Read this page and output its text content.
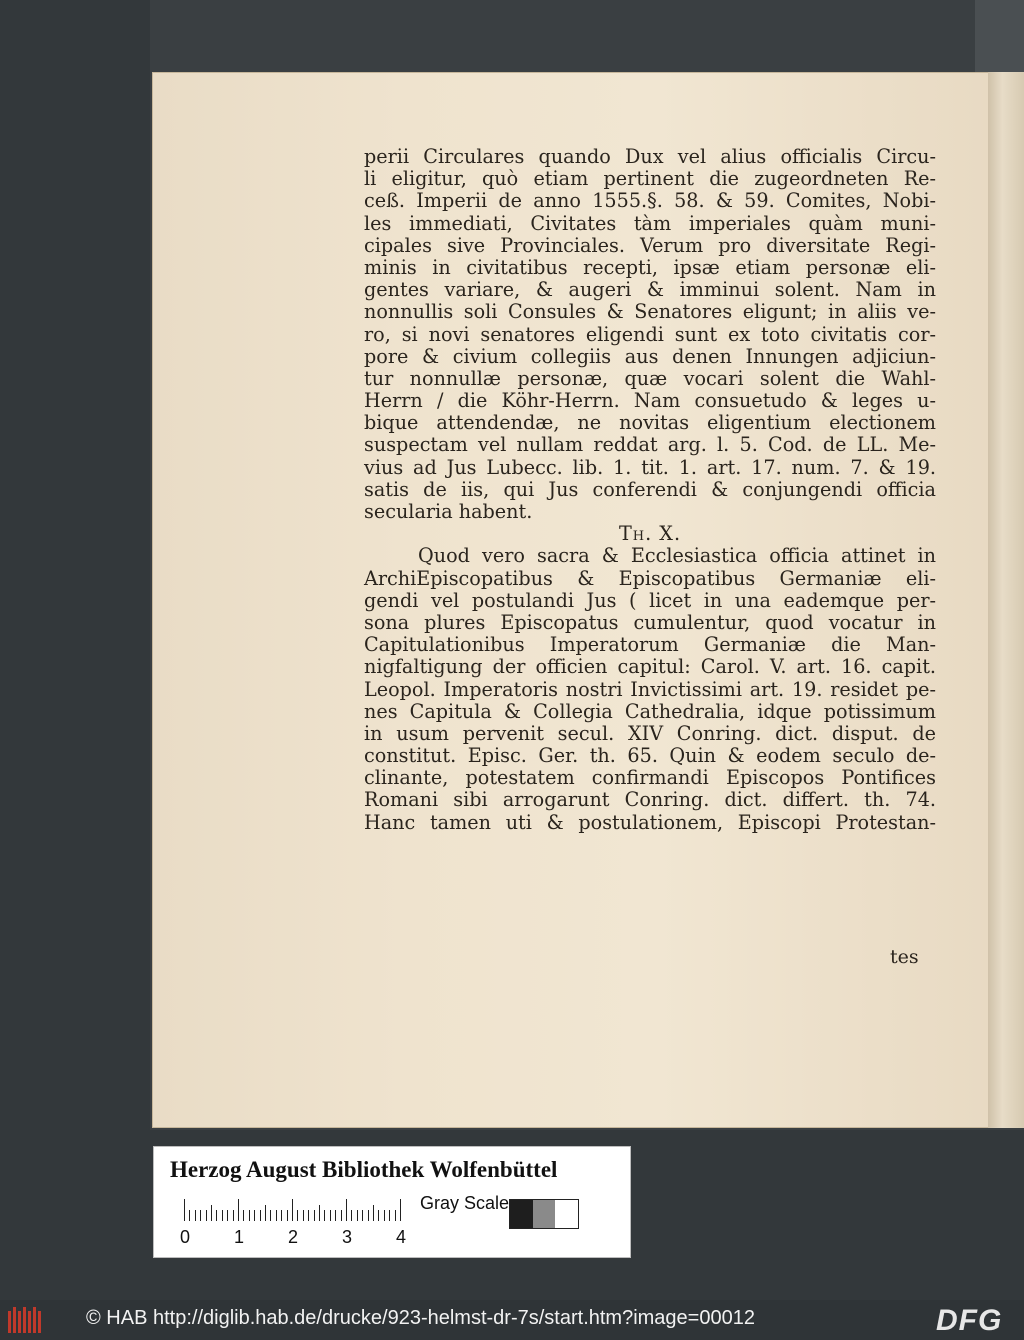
perii Circulares quando Dux vel alius officialis Circu-
li eligitur, quò etiam pertinent die zugeordneten Re-
ceß. Imperii de anno 1555.§. 58. & 59. Comites, Nobi-
les immediati, Civitates tàm imperiales quàm muni-
cipales sive Provinciales. Verum pro diversitate Regi-
minis in civitatibus recepti, ipsæ etiam personæ eli-
gentes variare, & augeri & imminui solent. Nam in
nonnullis soli Consules & Senatores eligunt; in aliis ve-
ro, si novi senatores eligendi sunt ex toto civitatis cor-
pore & civium collegiis aus denen Innungen adjiciun-
tur nonnullæ personæ, quæ vocari solent die Wahl-
Herrn / die Köhr-Herrn. Nam consuetudo & leges u-
bique attendendæ, ne novitas eligentium electionem
suspectam vel nullam reddat arg. l. 5. Cod. de LL. Me-
vius ad Jus Lubecc. lib. 1. tit. 1. art. 17. num. 7. & 19.
satis de iis, qui Jus conferendi & conjungendi officia
secularia habent.
Th. X.
Quod vero sacra & Ecclesiastica officia attinet in
ArchiEpiscopatibus & Episcopatibus Germaniæ eli-
gendi vel postulandi Jus ( licet in una eademque per-
sona plures Episcopatus cumulentur, quod vocatur in
Capitulationibus Imperatorum Germaniæ die Man-
nigfaltigung der officien capitul: Carol. V. art. 16. capit.
Leopol. Imperatoris nostri Invictissimi art. 19. residet pe-
nes Capitula & Collegia Cathedralia, idque potissimum
in usum pervenit secul. XIV Conring. dict. disput. de
constitut. Episc. Ger. th. 65. Quin & eodem seculo de-
clinante, potestatem confirmandi Episcopos Pontifices
Romani sibi arrogarunt Conring. dict. differt. th. 74.
Hanc tamen uti & postulationem, Episcopi Protestan-
tes
Herzog August Bibliothek Wolfenbüttel
0 1 2 3 4
Gray Scale
© HAB http://diglib.hab.de/drucke/923-helmst-dr-7s/start.htm?image=00012	DFG
